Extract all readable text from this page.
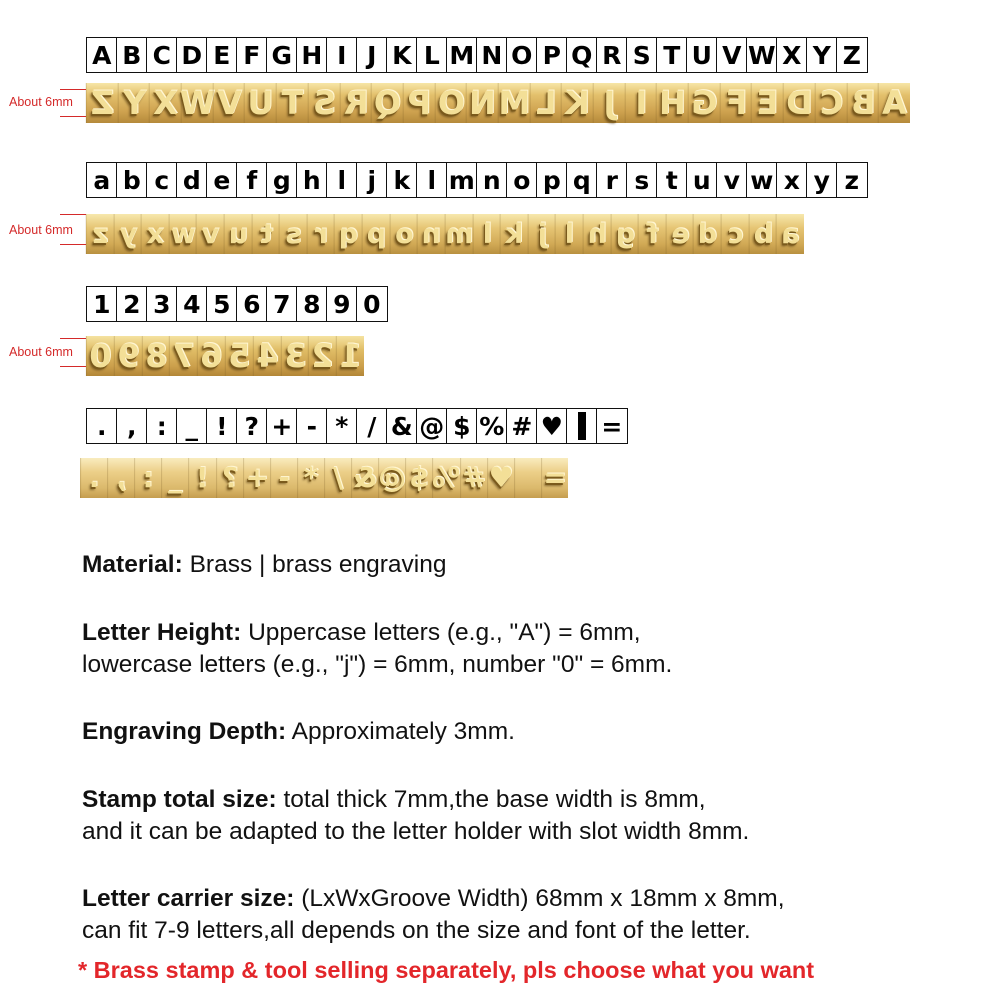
A B C D E F G H I J K L M N O P Q R S T U V W X Y Z
About 6mm Z Y X W V U T S R Q P O N M L K J I H G F E D C B A
a b c d e f g h l j k l m n o p q r s t u v w x y z
About 6mm z y x w v u t s r q p o n m l k j l h g f e d c b a
1 2 3 4 5 6 7 8 9 0
About 6mm 0 9 8 7 6 5 4 3 2 1
. , : _ ! ? + - * / & @ $ % # ♥ =
. , : _ ! ? + - * / & @ $ % # ♥ =
Material: Brass | brass engraving
Letter Height: Uppercase letters (e.g., "A") = 6mm,
lowercase letters (e.g., "j") = 6mm, number "0" = 6mm.
Engraving Depth: Approximately 3mm.
Stamp total size: total thick 7mm,the base width is 8mm,
and it can be adapted to the letter holder with slot width 8mm.
Letter carrier size: (LxWxGroove Width) 68mm x 18mm x 8mm,
can fit 7-9 letters,all depends on the size and font of the letter.
* Brass stamp & tool selling separately, pls choose what you want
